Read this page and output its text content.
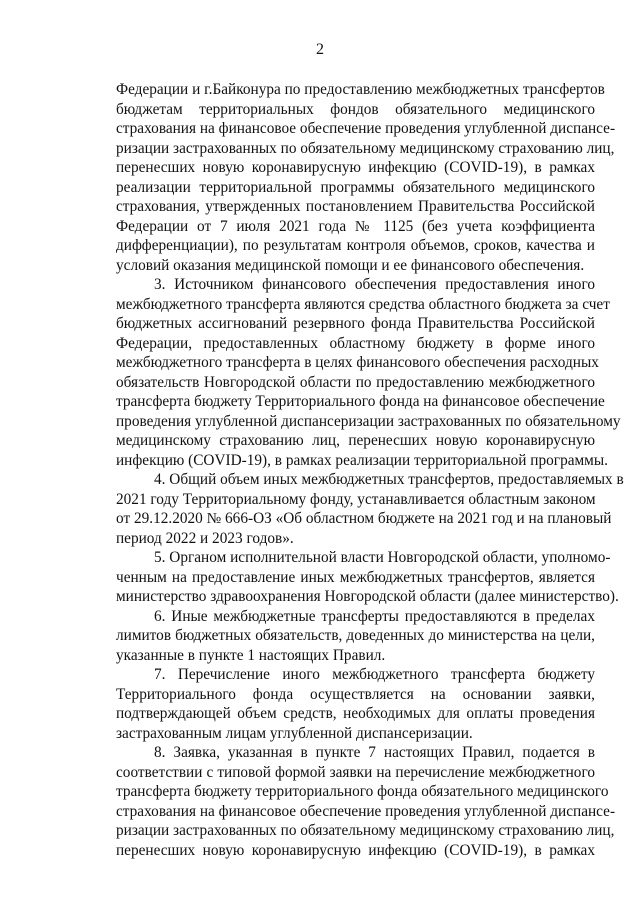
2
Федерации и г.Байконура по предоставлению межбюджетных трансфертов
бюджетам территориальных фондов обязательного медицинского
страхования на финансовое обеспечение проведения углубленной диспансе-
ризации застрахованных по обязательному медицинскому страхованию лиц,
перенесших новую коронавирусную инфекцию (COVID-19), в рамках
реализации территориальной программы обязательного медицинского
страхования, утвержденных постановлением Правительства Российской
Федерации от 7 июля 2021 года № 1125 (без учета коэффициента
дифференциации), по результатам контроля объемов, сроков, качества и
условий оказания медицинской помощи и ее финансового обеспечения.
3. Источником финансового обеспечения предоставления иного
межбюджетного трансферта являются средства областного бюджета за счет
бюджетных ассигнований резервного фонда Правительства Российской
Федерации, предоставленных областному бюджету в форме иного
межбюджетного трансферта в целях финансового обеспечения расходных
обязательств Новгородской области по предоставлению межбюджетного
трансферта бюджету Территориального фонда на финансовое обеспечение
проведения углубленной диспансеризации застрахованных по обязательному
медицинскому страхованию лиц, перенесших новую коронавирусную
инфекцию (COVID-19), в рамках реализации территориальной программы.
4. Общий объем иных межбюджетных трансфертов, предоставляемых в
2021 году Территориальному фонду, устанавливается областным законом
от 29.12.2020 № 666-ОЗ «Об областном бюджете на 2021 год и на плановый
период 2022 и 2023 годов».
5. Органом исполнительной власти Новгородской области, уполномо-
ченным на предоставление иных межбюджетных трансфертов, является
министерство здравоохранения Новгородской области (далее министерство).
6. Иные межбюджетные трансферты предоставляются в пределах
лимитов бюджетных обязательств, доведенных до министерства на цели,
указанные в пункте 1 настоящих Правил.
7. Перечисление иного межбюджетного трансферта бюджету
Территориального фонда осуществляется на основании заявки,
подтверждающей объем средств, необходимых для оплаты проведения
застрахованным лицам углубленной диспансеризации.
8. Заявка, указанная в пункте 7 настоящих Правил, подается в
соответствии с типовой формой заявки на перечисление межбюджетного
трансферта бюджету территориального фонда обязательного медицинского
страхования на финансовое обеспечение проведения углубленной диспансе-
ризации застрахованных по обязательному медицинскому страхованию лиц,
перенесших новую коронавирусную инфекцию (COVID-19), в рамках
